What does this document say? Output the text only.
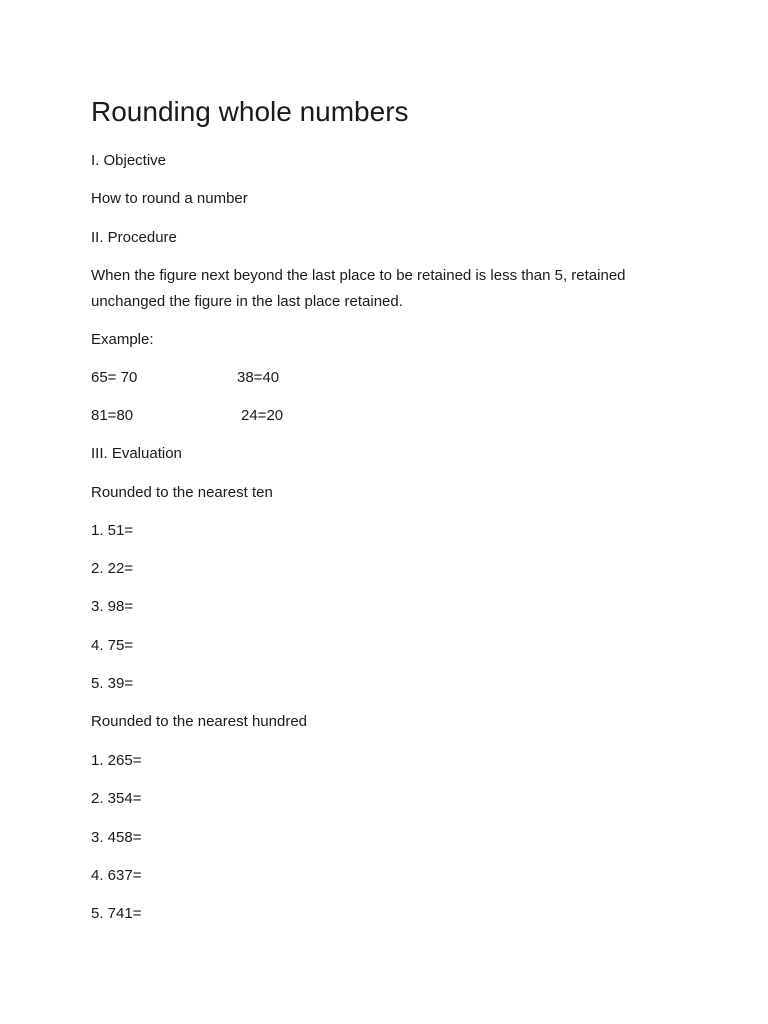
Rounding whole numbers
I. Objective
How to round a number
II. Procedure
When the figure next beyond the last place to be retained is less than 5, retained unchanged the figure in the last place retained.
Example:
65= 70	38=40
81=80	24=20
III. Evaluation
Rounded to the nearest ten
1. 51=
2. 22=
3. 98=
4. 75=
5. 39=
Rounded to the nearest hundred
1. 265=
2. 354=
3. 458=
4. 637=
5. 741=
